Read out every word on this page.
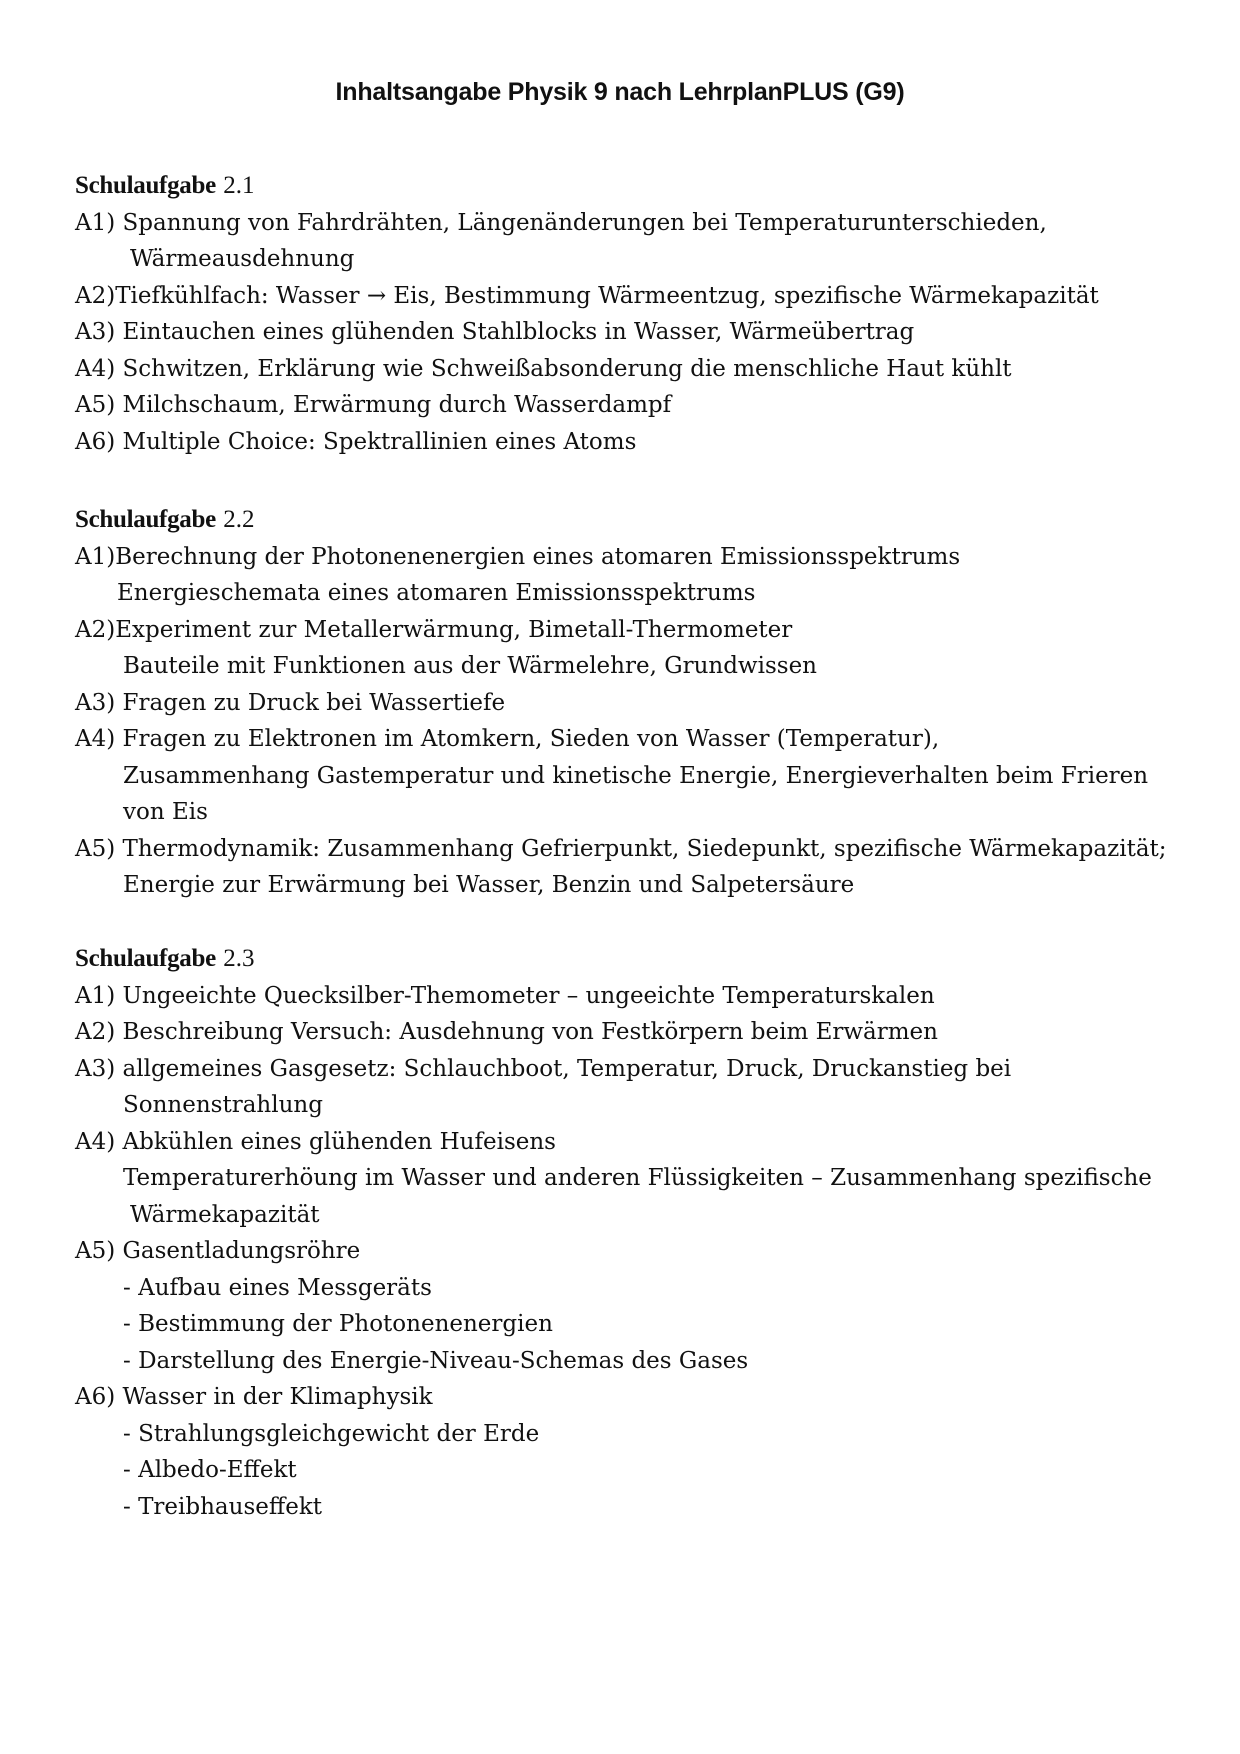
Inhaltsangabe Physik 9 nach LehrplanPLUS (G9)
Schulaufgabe 2.1
A1) Spannung von Fahrdrähten, Längenänderungen bei Temperaturunterschieden,
Wärmeausdehnung
A2)Tiefkühlfach: Wasser → Eis, Bestimmung Wärmeentzug, spezifische Wärmekapazität
A3) Eintauchen eines glühenden Stahlblocks in Wasser, Wärmeübertrag
A4) Schwitzen, Erklärung wie Schweißabsonderung die menschliche Haut kühlt
A5) Milchschaum, Erwärmung durch Wasserdampf
A6) Multiple Choice: Spektrallinien eines Atoms
Schulaufgabe 2.2
A1)Berechnung der Photonenenergien eines atomaren Emissionsspektrums
Energieschemata eines atomaren Emissionsspektrums
A2)Experiment zur Metallerwärmung, Bimetall-Thermometer
Bauteile mit Funktionen aus der Wärmelehre, Grundwissen
A3) Fragen zu Druck bei Wassertiefe
A4) Fragen zu Elektronen im Atomkern, Sieden von Wasser (Temperatur),
Zusammenhang Gastemperatur und kinetische Energie, Energieverhalten beim Frieren
von Eis
A5) Thermodynamik: Zusammenhang Gefrierpunkt, Siedepunkt, spezifische Wärmekapazität;
Energie zur Erwärmung bei Wasser, Benzin und Salpetersäure
Schulaufgabe 2.3
A1) Ungeeichte Quecksilber-Themometer – ungeeichte Temperaturskalen
A2) Beschreibung Versuch: Ausdehnung von Festkörpern beim Erwärmen
A3) allgemeines Gasgesetz: Schlauchboot, Temperatur, Druck, Druckanstieg bei
Sonnenstrahlung
A4) Abkühlen eines glühenden Hufeisens
Temperaturerhöung im Wasser und anderen Flüssigkeiten – Zusammenhang spezifische
Wärmekapazität
A5) Gasentladungsröhre
- Aufbau eines Messgeräts
- Bestimmung der Photonenenergien
- Darstellung des Energie-Niveau-Schemas des Gases
A6) Wasser in der Klimaphysik
- Strahlungsgleichgewicht der Erde
- Albedo-Effekt
- Treibhauseffekt
